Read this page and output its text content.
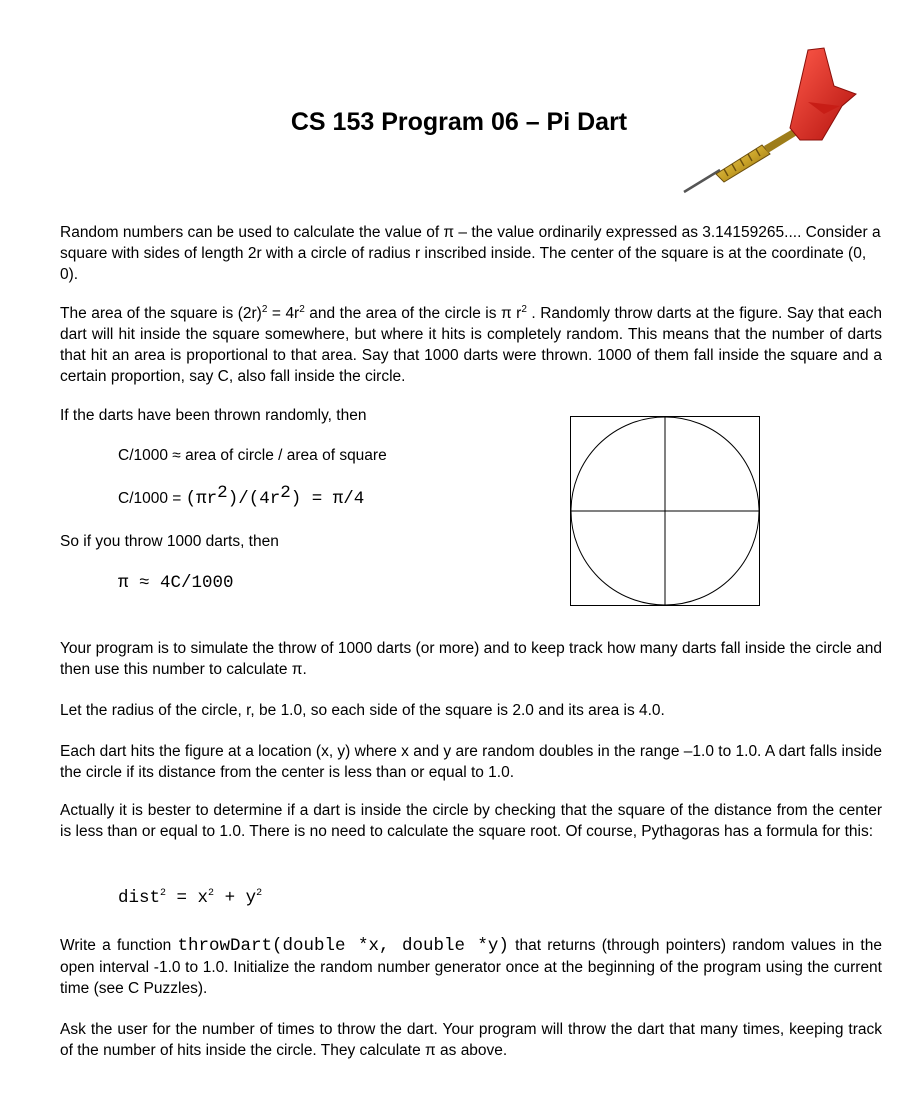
CS 153 Program 06 – Pi Dart

Random numbers can be used to calculate the value of π – the value ordinarily expressed as 3.14159265.... Consider a square with sides of length 2r with a circle of radius r inscribed inside. The center of the square is at the coordinate (0, 0).

The area of the square is $(2r)^2 = 4r^2$ and the area of the circle is π $r^2$ . Randomly throw darts at the figure. Say that each dart will hit inside the square somewhere, but where it hits is completely random. This means that the number of darts that hit an area is proportional to that area. Say that 1000 darts were thrown. 1000 of them fall inside the square and a certain proportion, say C, also fall inside the circle.

If the darts have been thrown randomly, then

C/1000 ≈ area of circle / area of square

$C/1000 = (\pi r^2)/(4r^2) = \pi/4$

So if you throw 1000 darts, then

π ≈ 4C/1000

Your program is to simulate the throw of 1000 darts (or more) and to keep track how many darts fall inside the circle and then use this number to calculate π.

Let the radius of the circle, r, be 1.0, so each side of the square is 2.0 and its area is 4.0.

Each dart hits the figure at a location (x, y) where x and y are random doubles in the range –1.0 to 1.0. A dart falls inside the circle if its distance from the center is less than or equal to 1.0.

Actually it is bester to determine if a dart is inside the circle by checking that the square of the distance from the center is less than or equal to 1.0. There is no need to calculate the square root. Of course, Pythagoras has a formula for this:

dist$^2$ = $x^2 + y^2$

Write a function throwDart(double *x, double *y) that returns (through pointers) random values in the open interval -1.0 to 1.0. Initialize the random number generator once at the beginning of the program using the current time (see C Puzzles).

Ask the user for the number of times to throw the dart. Your program will throw the dart that many times, keeping track of the number of hits inside the circle. They calculate π as above.
